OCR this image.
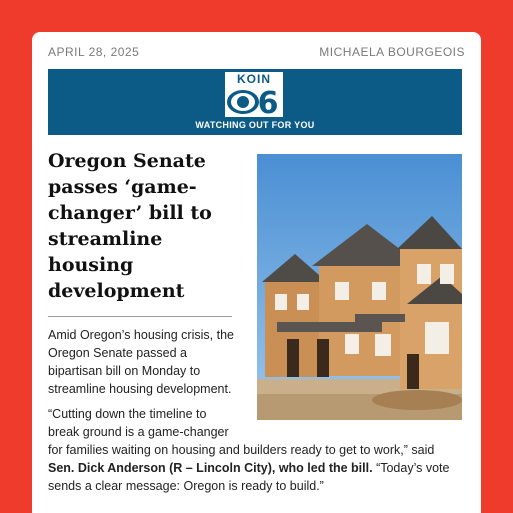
APRIL 28, 2025	MICHAELA BOURGEOIS
KOIN
6
WATCHING OUT FOR YOU
Oregon Senate passes ‘game-changer’ bill to streamline housing development

Amid Oregon’s housing crisis, the Oregon Senate passed a bipartisan bill on Monday to streamline housing development.

“Cutting down the timeline to
break ground is a game-changer
for families waiting on housing and builders ready to get to work,” said Sen. Dick Anderson (R – Lincoln City), who led the bill. “Today’s vote sends a clear message: Oregon is ready to build.”
